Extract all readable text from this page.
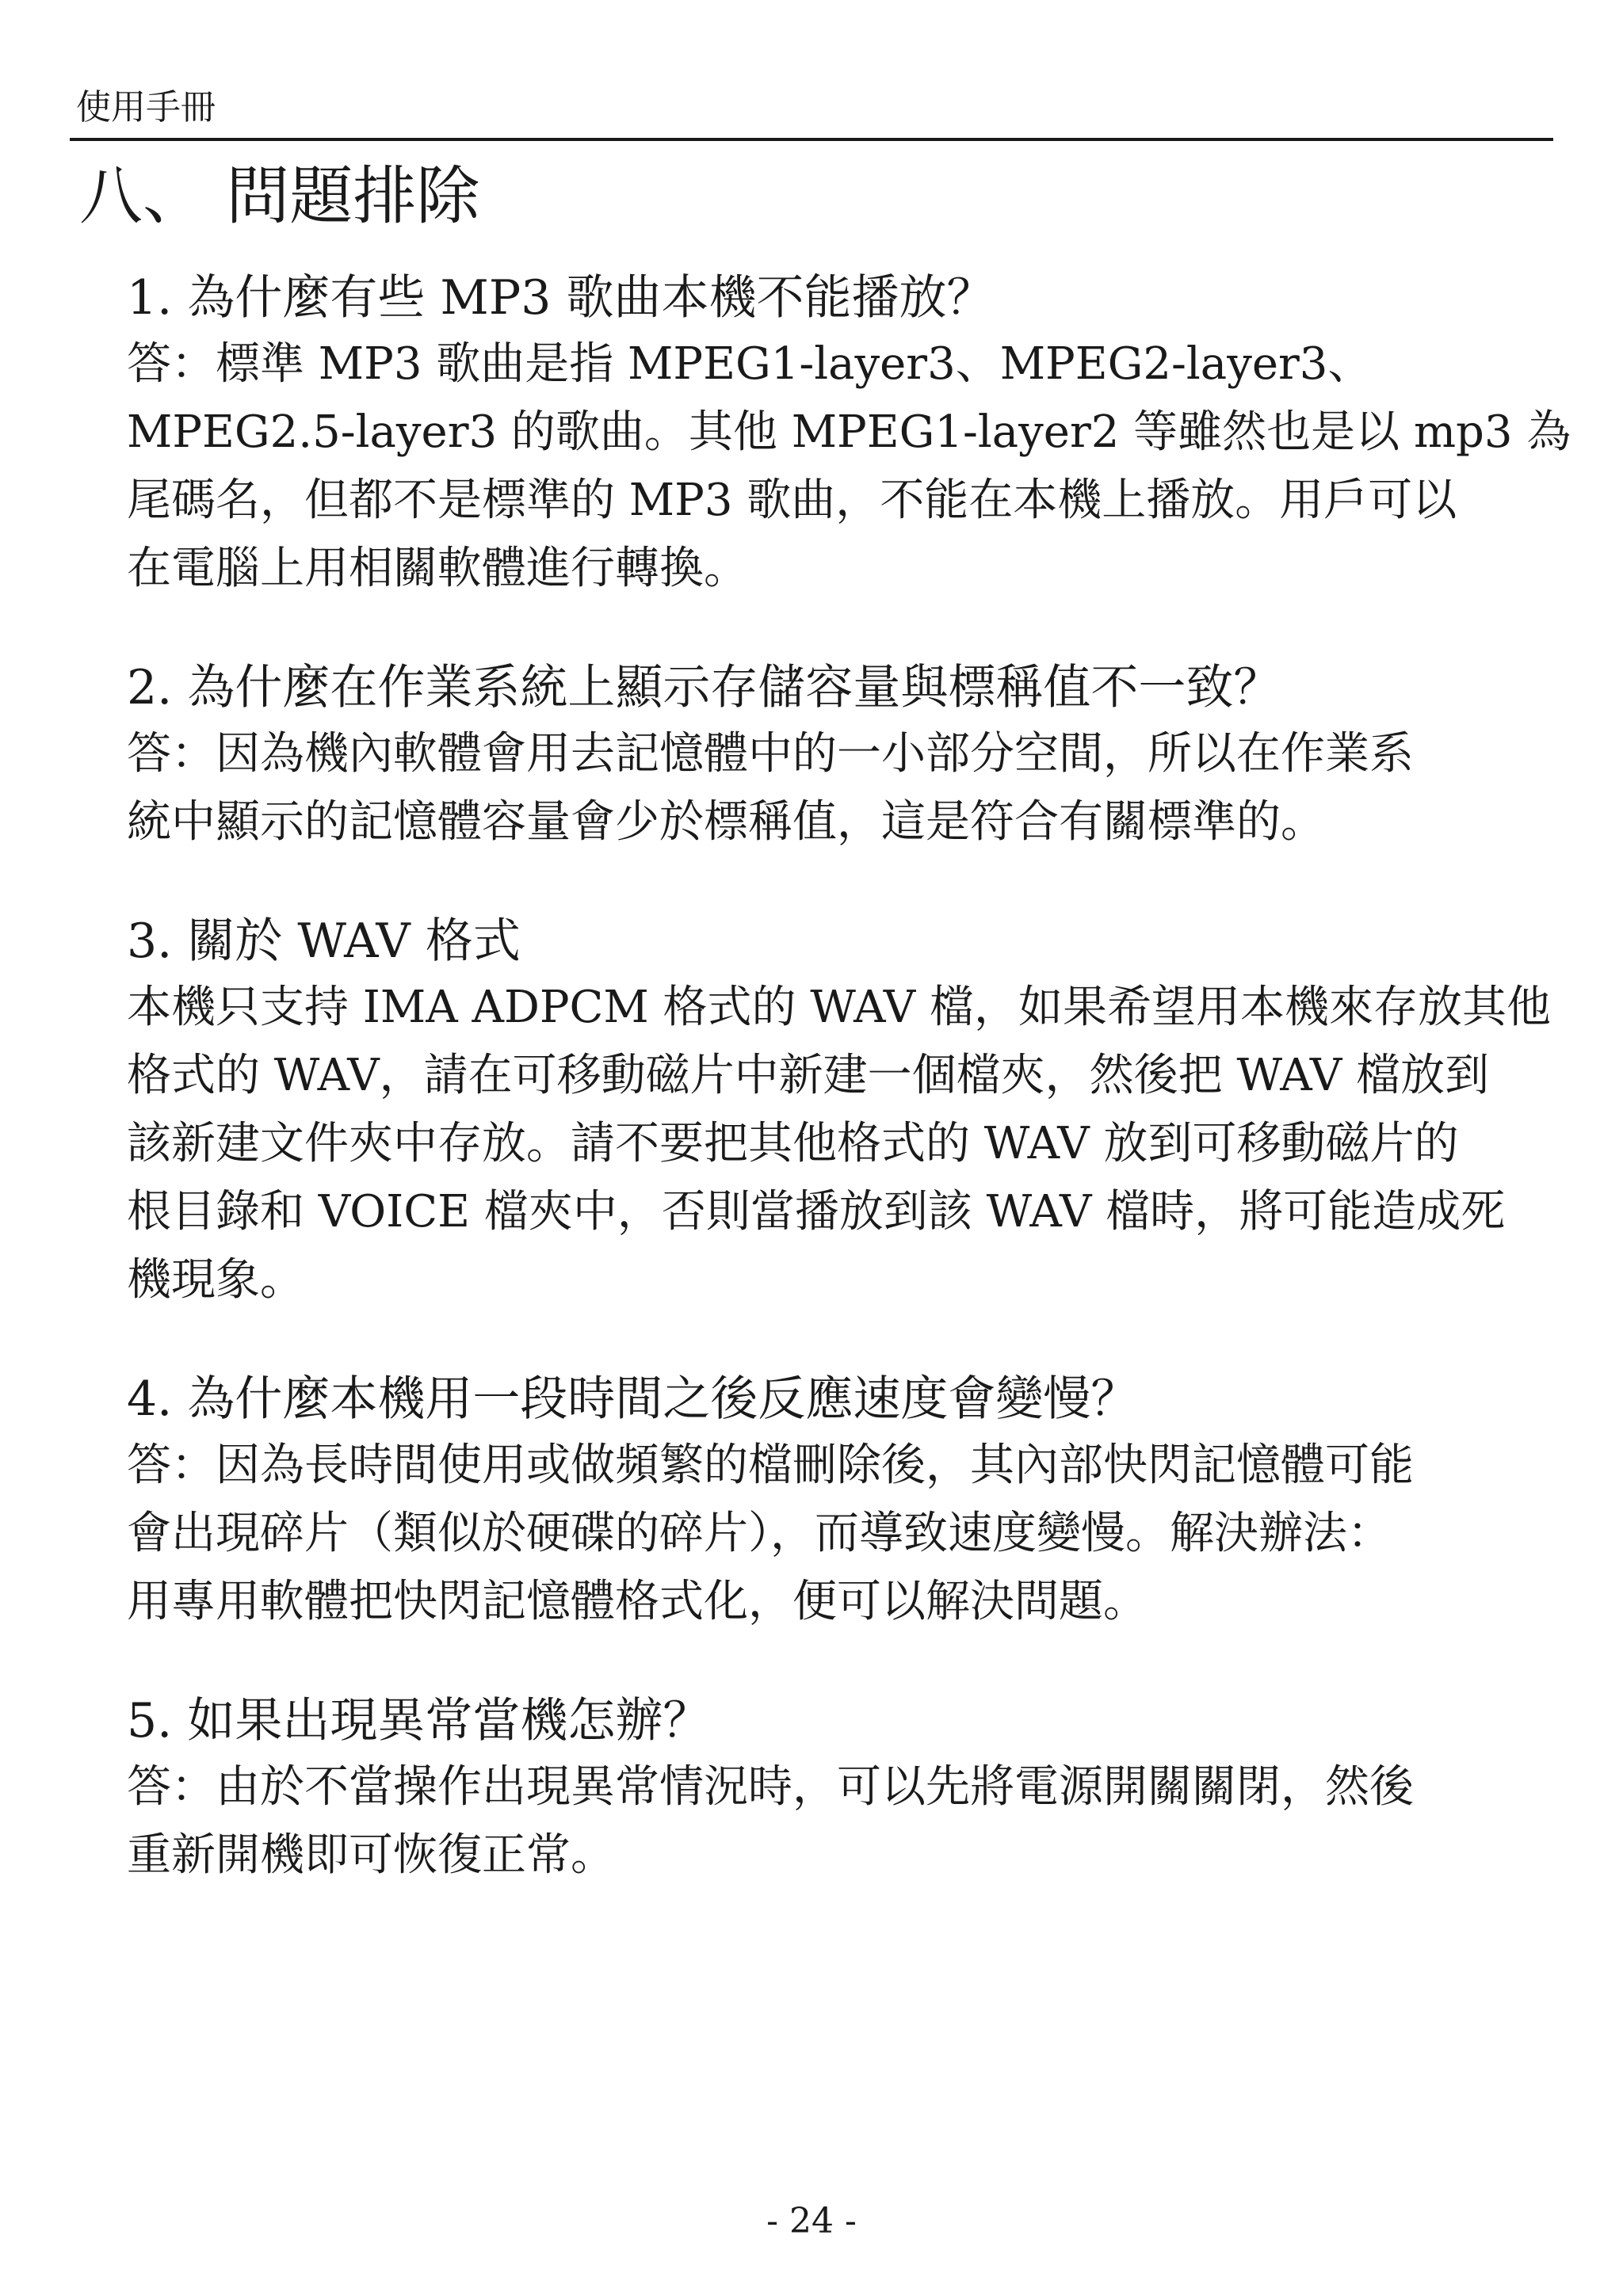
使用手冊
八、 問題排除
1. 為什麼有些 MP3 歌曲本機不能播放？
答：標準 MP3 歌曲是指 MPEG1-layer3、MPEG2-layer3、
MPEG2.5-layer3 的歌曲。其他 MPEG1-layer2 等雖然也是以 mp3 為
尾碼名，但都不是標準的 MP3 歌曲，不能在本機上播放。用戶可以
在電腦上用相關軟體進行轉換。
2. 為什麼在作業系統上顯示存儲容量與標稱值不一致？
答：因為機內軟體會用去記憶體中的一小部分空間，所以在作業系
統中顯示的記憶體容量會少於標稱值，這是符合有關標準的。
3. 關於 WAV 格式
本機只支持 IMA ADPCM 格式的 WAV 檔，如果希望用本機來存放其他
格式的 WAV，請在可移動磁片中新建一個檔夾，然後把 WAV 檔放到
該新建文件夾中存放。請不要把其他格式的 WAV 放到可移動磁片的
根目錄和 VOICE 檔夾中，否則當播放到該 WAV 檔時，將可能造成死
機現象。
4. 為什麼本機用一段時間之後反應速度會變慢？
答：因為長時間使用或做頻繁的檔刪除後，其內部快閃記憶體可能
會出現碎片（類似於硬碟的碎片），而導致速度變慢。解決辦法：
用專用軟體把快閃記憶體格式化，便可以解決問題。
5. 如果出現異常當機怎辦？
答：由於不當操作出現異常情況時，可以先將電源開關關閉，然後
重新開機即可恢復正常。
- 24 -
